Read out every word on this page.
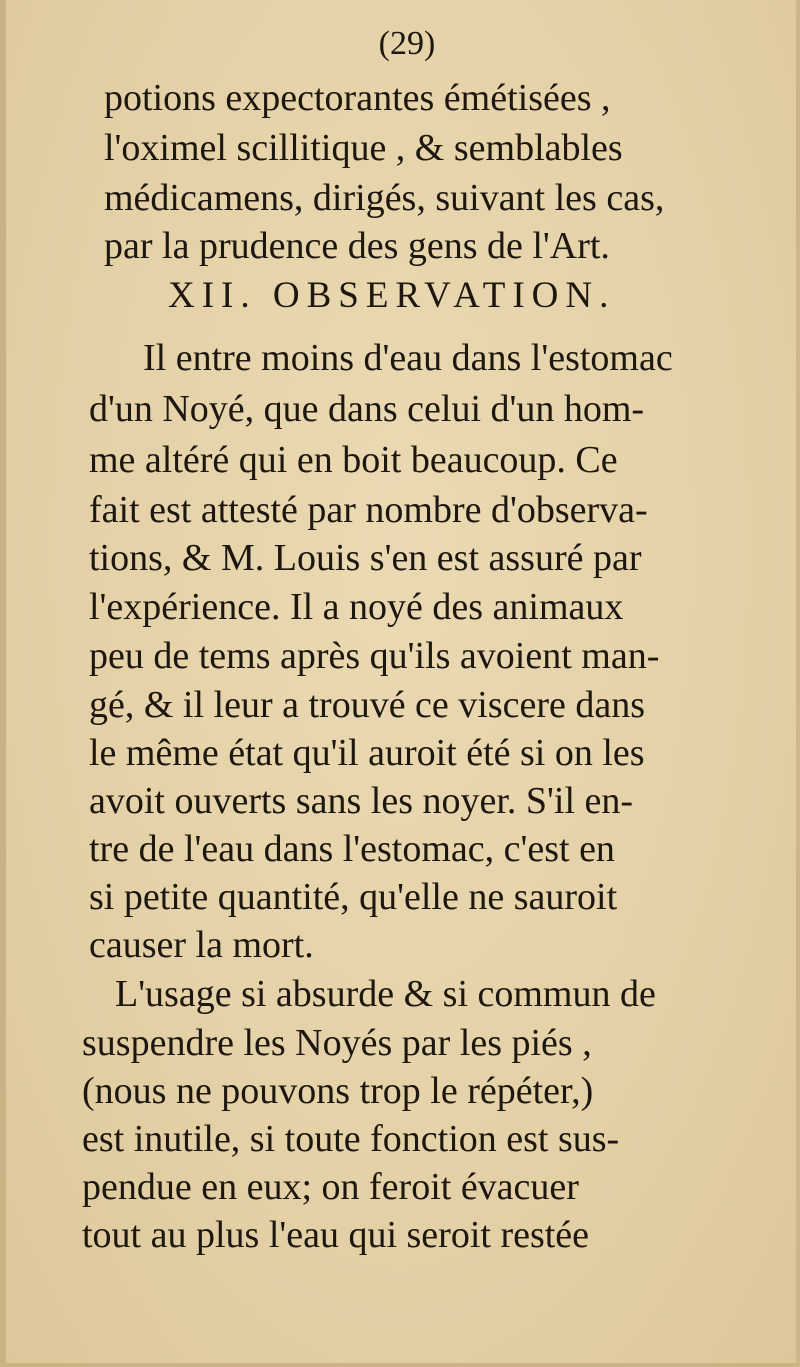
(29)
potions expectorantes émétisées ,
l'oximel scillitique , & semblables
médicamens, dirigés, suivant les cas,
par la prudence des gens de l'Art.
XII. OBSERVATION.
Il entre moins d'eau dans l'estomac
d'un Noyé, que dans celui d'un hom-
me altéré qui en boit beaucoup. Ce
fait est attesté par nombre d'observa-
tions, & M. Louis s'en est assuré par
l'expérience. Il a noyé des animaux
peu de tems après qu'ils avoient man-
gé, & il leur a trouvé ce viscere dans
le même état qu'il auroit été si on les
avoit ouverts sans les noyer. S'il en-
tre de l'eau dans l'estomac, c'est en
si petite quantité, qu'elle ne sauroit
causer la mort.
L'usage si absurde & si commun de
suspendre les Noyés par les piés ,
(nous ne pouvons trop le répéter,)
est inutile, si toute fonction est sus-
pendue en eux; on feroit évacuer
tout au plus l'eau qui seroit restée
